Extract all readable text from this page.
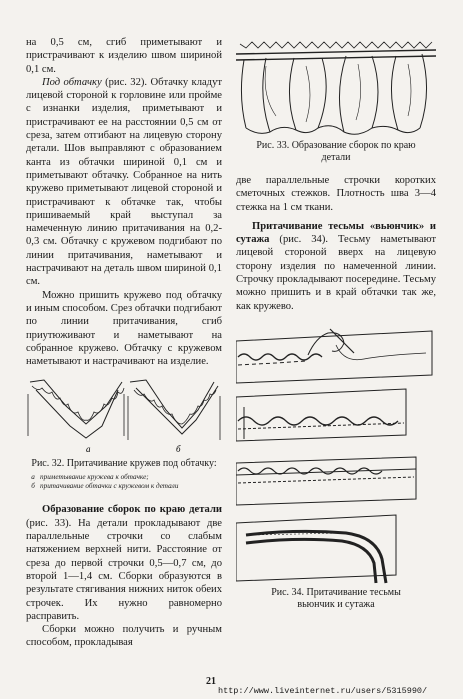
на 0,5 см, сгиб приметывают и пристрачивают к изделию швом шириной 0,1 см.

Под обтачку (рис. 32). Обтачку кладут лицевой стороной к горловине или пройме с изнанки изделия, приметывают и пристрачивают ее на расстоянии 0,5 см от среза, затем отгибают на лицевую сторону детали. Шов выправляют с образованием канта из обтачки шириной 0,1 см и приметывают обтачку. Собранное на нить кружево приметывают лицевой стороной и пристрачивают к обтачке так, чтобы пришиваемый край выступал за намеченную линию притачивания на 0,2-0,3 см. Обтачку с кружевом подгибают по линии притачивания, наметывают и настрачивают на деталь швом шириной 0,1 см.

Можно пришить кружево под обтачку и иным способом. Срез обтачки подгибают по линии притачивания, сгиб приутюживают и наметывают на собранное кружево. Обтачку с кружевом наметывают и настрачивают на изделие.

а	б
Рис. 32. Притачивание кружев под обтачку:
а приметывание кружева к обтачке;
б притачивание обтачки с кружевом к детали

Образование сборок по краю детали (рис. 33). На детали прокладывают две параллельные строчки со слабым натяжением верхней нити. Расстояние от среза до первой строчки 0,5—0,7 см, до второй 1—1,4 см. Сборки образуются в результате стягивания нижних ниток обеих строчек. Их нужно равномерно расправить.

Сборки можно получить и ручным способом, прокладывая

Рис. 33. Образование сборок по краю детали

две параллельные строчки коротких сметочных стежков. Плотность шва 3—4 стежка на 1 см ткани.

Притачивание тесьмы «вьюнчик» и сутажа (рис. 34). Тесьму наметывают лицевой стороной вверх на лицевую сторону изделия по намеченной линии. Строчку прокладывают посередине. Тесьму можно пришить и в край обтачки так же, как кружево.

Рис. 34. Притачивание тесьмы вьюнчик и сутажа
21
http://www.liveinternet.ru/users/5315990/
